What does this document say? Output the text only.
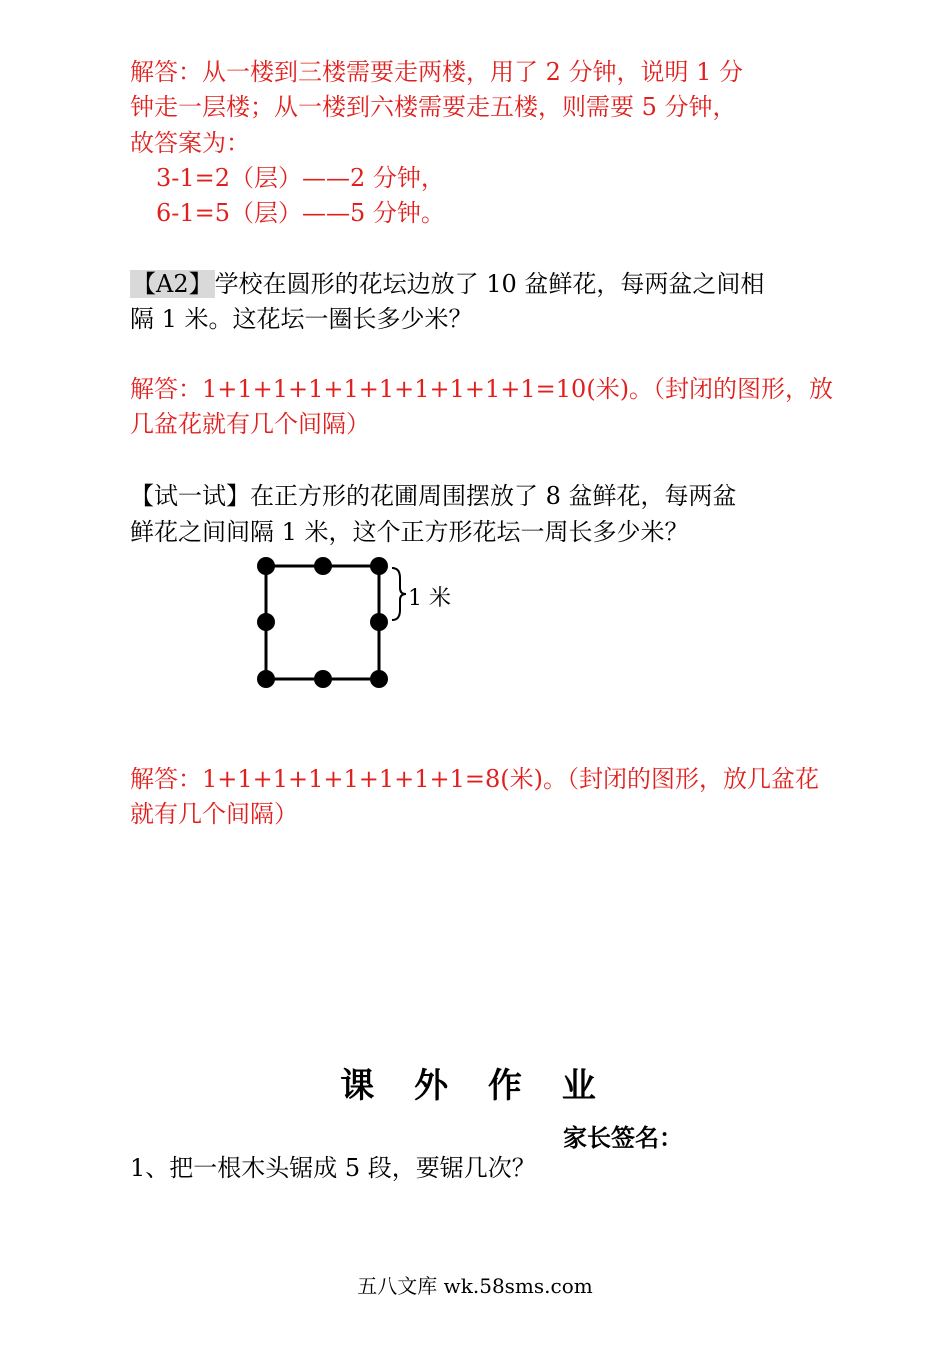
解答：从一楼到三楼需要走两楼，用了 2 分钟，说明 1 分
钟走一层楼；从一楼到六楼需要走五楼，则需要 5 分钟，
故答案为：
3-1=2（层）——2 分钟，
6-1=5（层）——5 分钟。
【A2】学校在圆形的花坛边放了 10 盆鲜花，每两盆之间相
隔 1 米。这花坛一圈长多少米？
解答：1+1+1+1+1+1+1+1+1+1=10(米)。（封闭的图形，放
几盆花就有几个间隔）
【试一试】在正方形的花圃周围摆放了 8 盆鲜花，每两盆
鲜花之间间隔 1 米，这个正方形花坛一周长多少米？
1 米
解答：1+1+1+1+1+1+1+1=8(米)。（封闭的图形，放几盆花
就有几个间隔）
课 外 作 业
家长签名：
1、把一根木头锯成 5 段，要锯几次？
五八文库 wk.58sms.com
